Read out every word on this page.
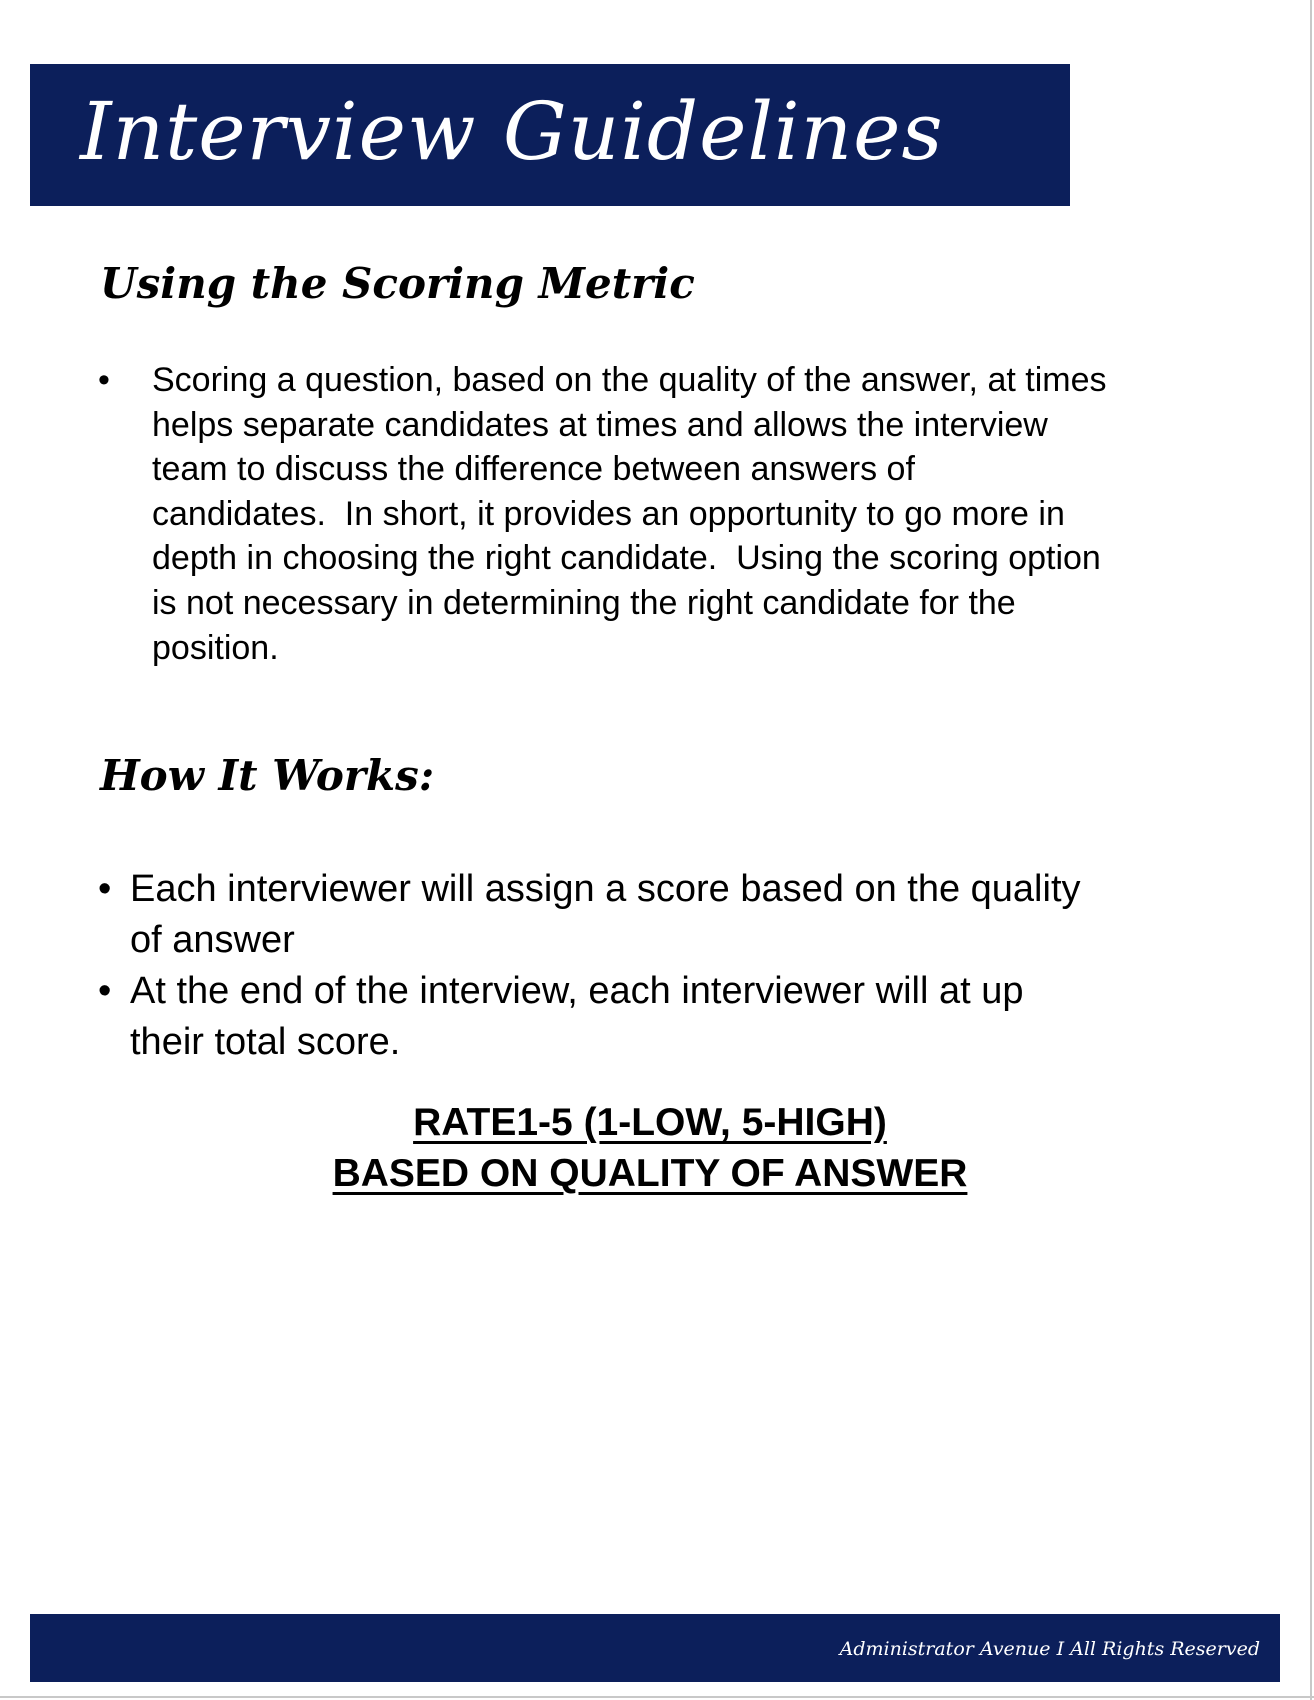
Interview Guidelines
Using the Scoring Metric
• Scoring a question, based on the quality of the answer, at times
helps separate candidates at times and allows the interview
team to discuss the difference between answers of
candidates.  In short, it provides an opportunity to go more in
depth in choosing the right candidate.  Using the scoring option
is not necessary in determining the right candidate for the
position.
How It Works:
• Each interviewer will assign a score based on the quality
of answer
• At the end of the interview, each interviewer will at up
their total score.
RATE1-5 (1-LOW, 5-HIGH)
BASED ON QUALITY OF ANSWER
Administrator Avenue I All Rights Reserved
